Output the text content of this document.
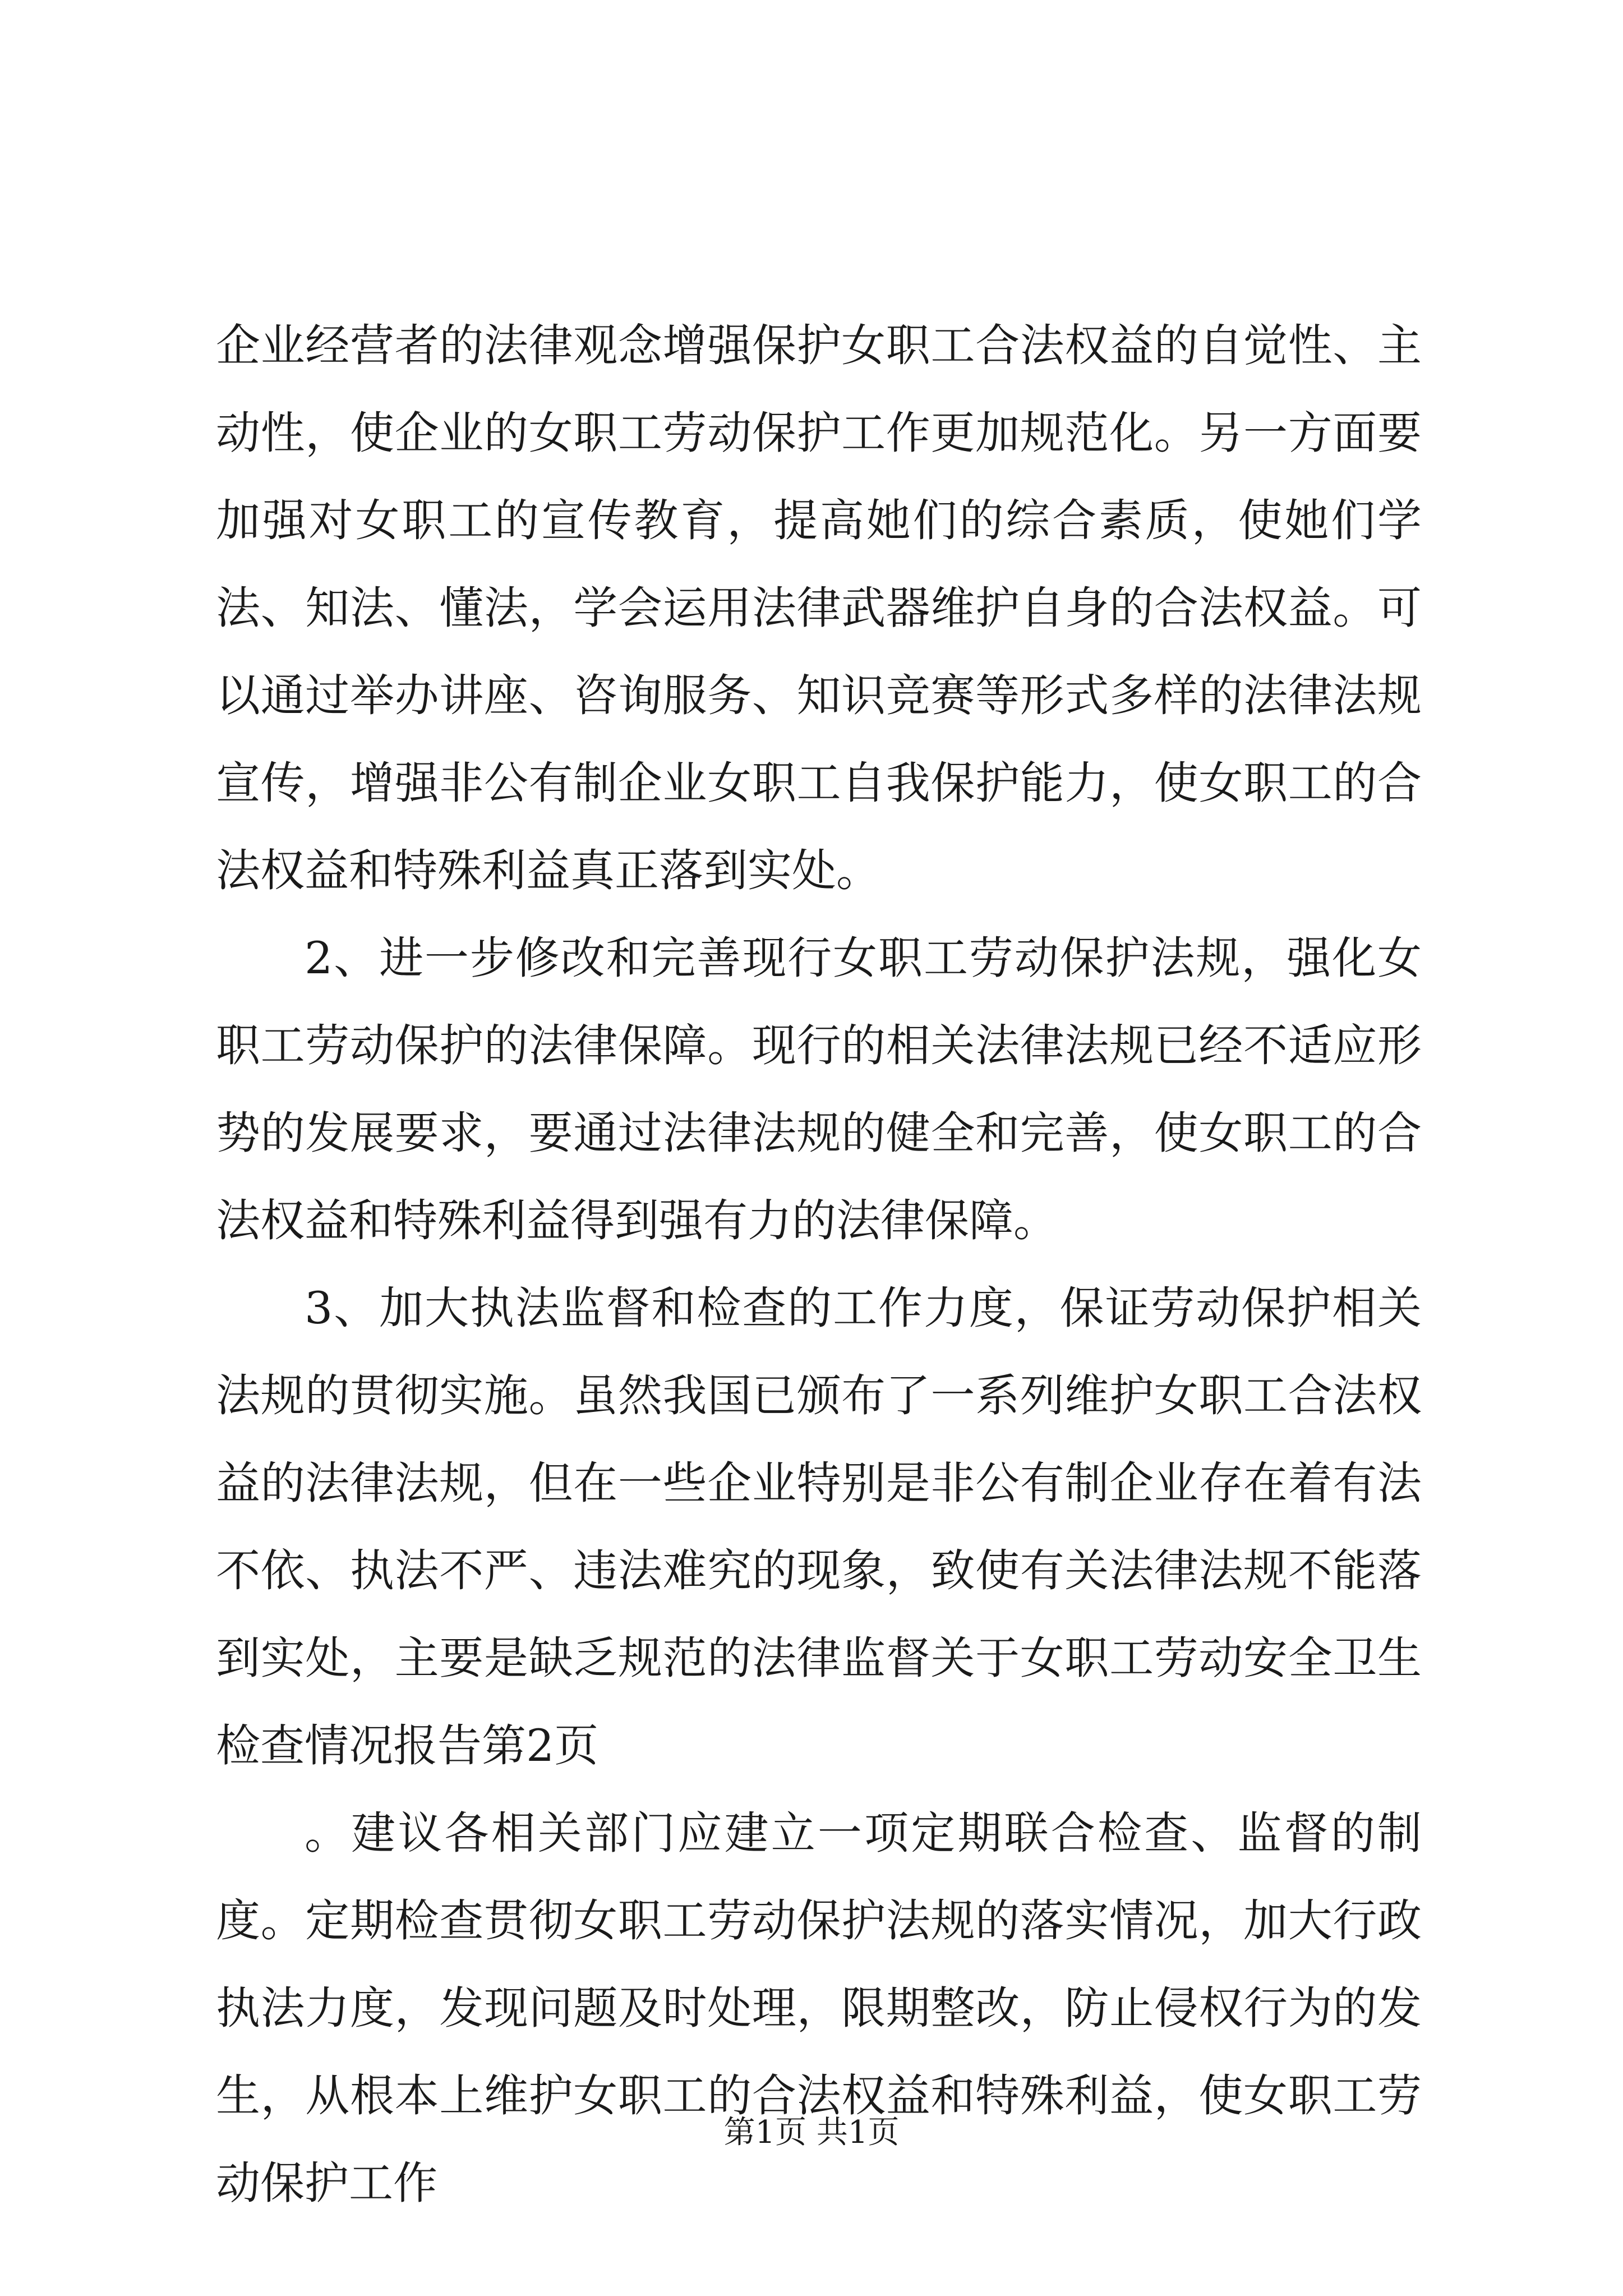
企业经营者的法律观念增强保护女职工合法权益的自觉性、主动性，使企业的女职工劳动保护工作更加规范化。另一方面要加强对女职工的宣传教育，提高她们的综合素质，使她们学法、知法、懂法，学会运用法律武器维护自身的合法权益。可以通过举办讲座、咨询服务、知识竞赛等形式多样的法律法规宣传，增强非公有制企业女职工自我保护能力，使女职工的合法权益和特殊利益真正落到实处。

2、进一步修改和完善现行女职工劳动保护法规，强化女职工劳动保护的法律保障。现行的相关法律法规已经不适应形势的发展要求，要通过法律法规的健全和完善，使女职工的合法权益和特殊利益得到强有力的法律保障。

3、加大执法监督和检查的工作力度，保证劳动保护相关法规的贯彻实施。虽然我国已颁布了一系列维护女职工合法权益的法律法规，但在一些企业特别是非公有制企业存在着有法不依、执法不严、违法难究的现象，致使有关法律法规不能落到实处，主要是缺乏规范的法律监督关于女职工劳动安全卫生检查情况报告第2页

。建议各相关部门应建立一项定期联合检查、监督的制度。定期检查贯彻女职工劳动保护法规的落实情况，加大行政执法力度，发现问题及时处理，限期整改，防止侵权行为的发生，从根本上维护女职工的合法权益和特殊利益，使女职工劳动保护工作

第1页 共1页
